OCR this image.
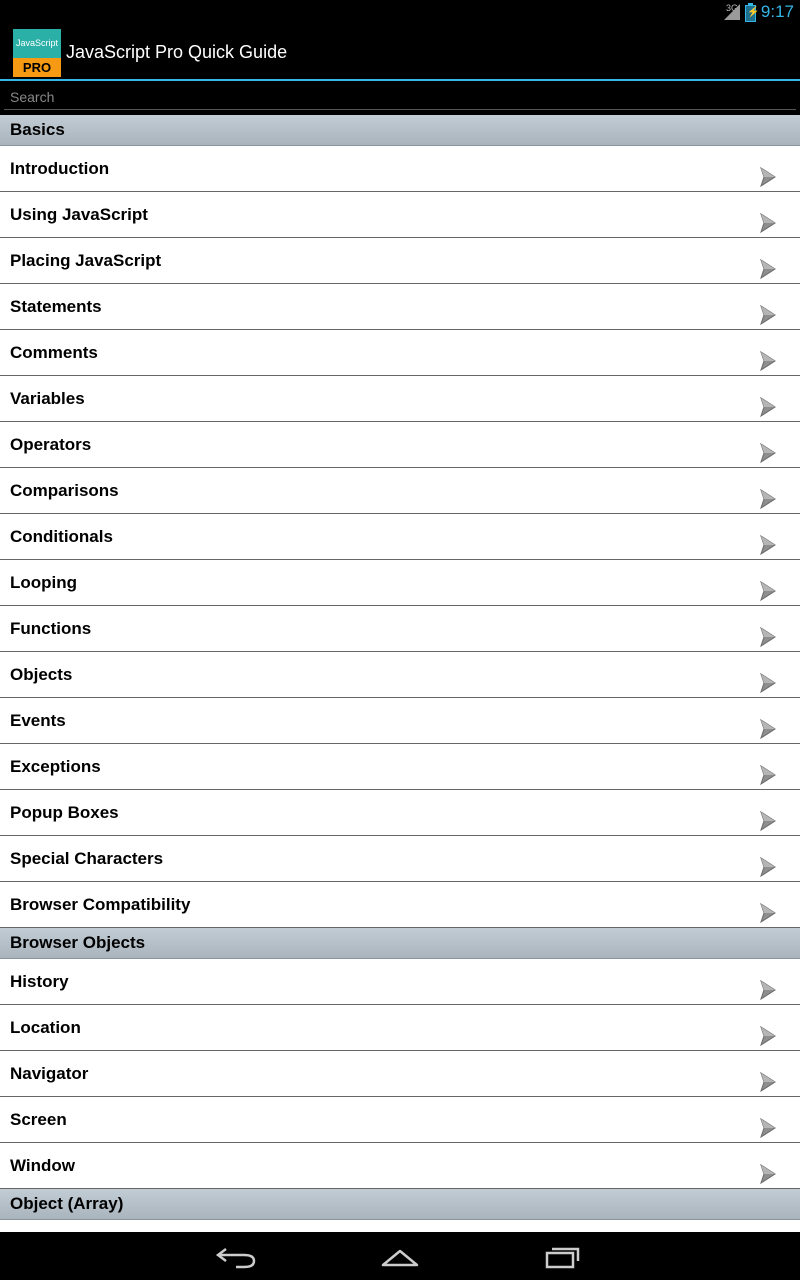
3G ⚡ 9:17
JavaScript
PRO
JavaScript Pro Quick Guide
Search
Basics
Introduction
Using JavaScript
Placing JavaScript
Statements
Comments
Variables
Operators
Comparisons
Conditionals
Looping
Functions
Objects
Events
Exceptions
Popup Boxes
Special Characters
Browser Compatibility
Browser Objects
History
Location
Navigator
Screen
Window
Object (Array)
